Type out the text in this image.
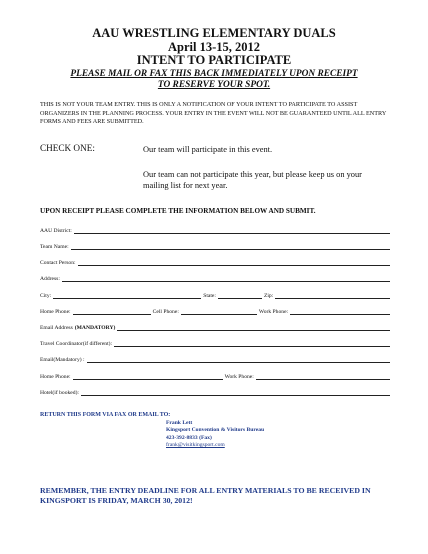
AAU WRESTLING ELEMENTARY DUALS
April 13-15, 2012
INTENT TO PARTICIPATE
PLEASE MAIL OR FAX THIS BACK IMMEDIATELY UPON RECEIPT
TO RESERVE YOUR SPOT.
THIS IS NOT YOUR TEAM ENTRY. THIS IS ONLY A NOTIFICATION OF YOUR INTENT TO PARTICIPATE TO ASSIST ORGANIZERS IN THE PLANNING PROCESS. YOUR ENTRY IN THE EVENT WILL NOT BE GUARANTEED UNTIL ALL ENTRY FORMS AND FEES ARE SUBMITTED.
CHECK ONE:	Our team will participate in this event.
Our team can not participate this year, but please keep us on your mailing list for next year.
UPON RECEIPT PLEASE COMPLETE THE INFORMATION BELOW AND SUBMIT.
AAU District:
Team Name:
Contact Person:
Address:
City:	State:	Zip:
Home Phone:	Cell Phone:	Work Phone:
Email Address (MANDATORY)
Travel Coordinator(if different):
Email(Mandatory) :
Home Phone:	Work Phone:
Hotel(if booked):
RETURN THIS FORM VIA FAX OR EMAIL TO:
Frank Lett
Kingsport Convention & Visitors Bureau
423-392-8833 (Fax)
frank@visitkingsport.com
REMEMBER, THE ENTRY DEADLINE FOR ALL ENTRY MATERIALS TO BE RECEIVED IN KINGSPORT IS FRIDAY, MARCH 30, 2012!
